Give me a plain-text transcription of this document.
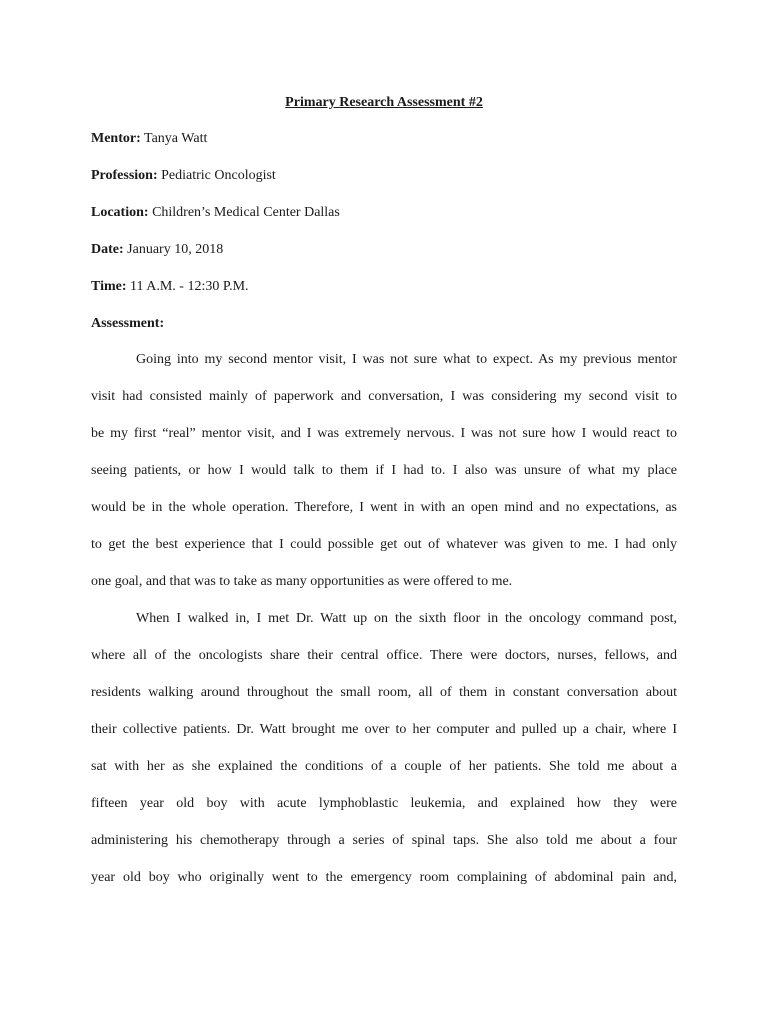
Primary Research Assessment #2
Mentor: Tanya Watt
Profession: Pediatric Oncologist
Location: Children’s Medical Center Dallas
Date: January 10, 2018
Time: 11 A.M. - 12:30 P.M.
Assessment:
Going into my second mentor visit, I was not sure what to expect. As my previous mentor
visit had consisted mainly of paperwork and conversation, I was considering my second visit to
be my first “real” mentor visit, and I was extremely nervous. I was not sure how I would react to
seeing patients, or how I would talk to them if I had to. I also was unsure of what my place
would be in the whole operation. Therefore, I went in with an open mind and no expectations, as
to get the best experience that I could possible get out of whatever was given to me. I had only
one goal, and that was to take as many opportunities as were offered to me.
When I walked in, I met Dr. Watt up on the sixth floor in the oncology command post,
where all of the oncologists share their central office. There were doctors, nurses, fellows, and
residents walking around throughout the small room, all of them in constant conversation about
their collective patients. Dr. Watt brought me over to her computer and pulled up a chair, where I
sat with her as she explained the conditions of a couple of her patients. She told me about a
fifteen year old boy with acute lymphoblastic leukemia, and explained how they were
administering his chemotherapy through a series of spinal taps. She also told me about a four
year old boy who originally went to the emergency room complaining of abdominal pain and,
